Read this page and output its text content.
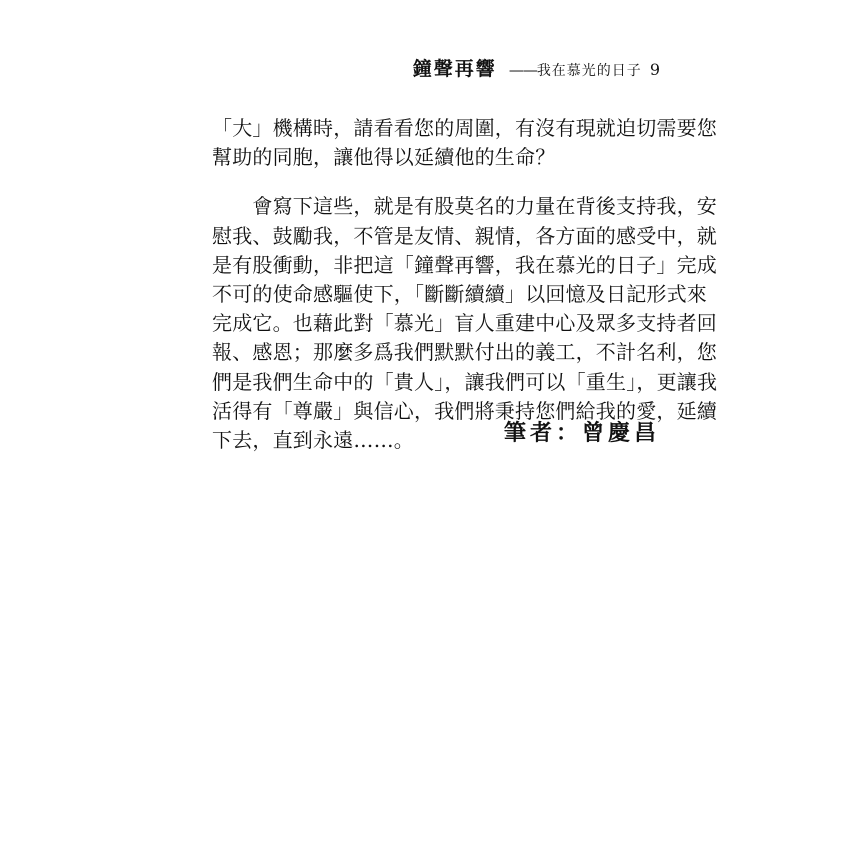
鐘聲再響 —— 我在慕光的日子 9
「大」機構時，請看看您的周圍，有沒有現就迫切需要您
幫助的同胞，讓他得以延續他的生命？
　　會寫下這些，就是有股莫名的力量在背後支持我，安
慰我、鼓勵我，不管是友情、親情，各方面的感受中，就
是有股衝動，非把這「鐘聲再響，我在慕光的日子」完成
不可的使命感驅使下，「斷斷續續」以回憶及日記形式來
完成它。也藉此對「慕光」盲人重建中心及眾多支持者回
報、感恩；那麼多爲我們默默付出的義工，不計名利，您
們是我們生命中的「貴人」，讓我們可以「重生」，更讓我
活得有「尊嚴」與信心，我們將秉持您們給我的愛，延續
下去，直到永遠……。	筆者：曾慶昌
